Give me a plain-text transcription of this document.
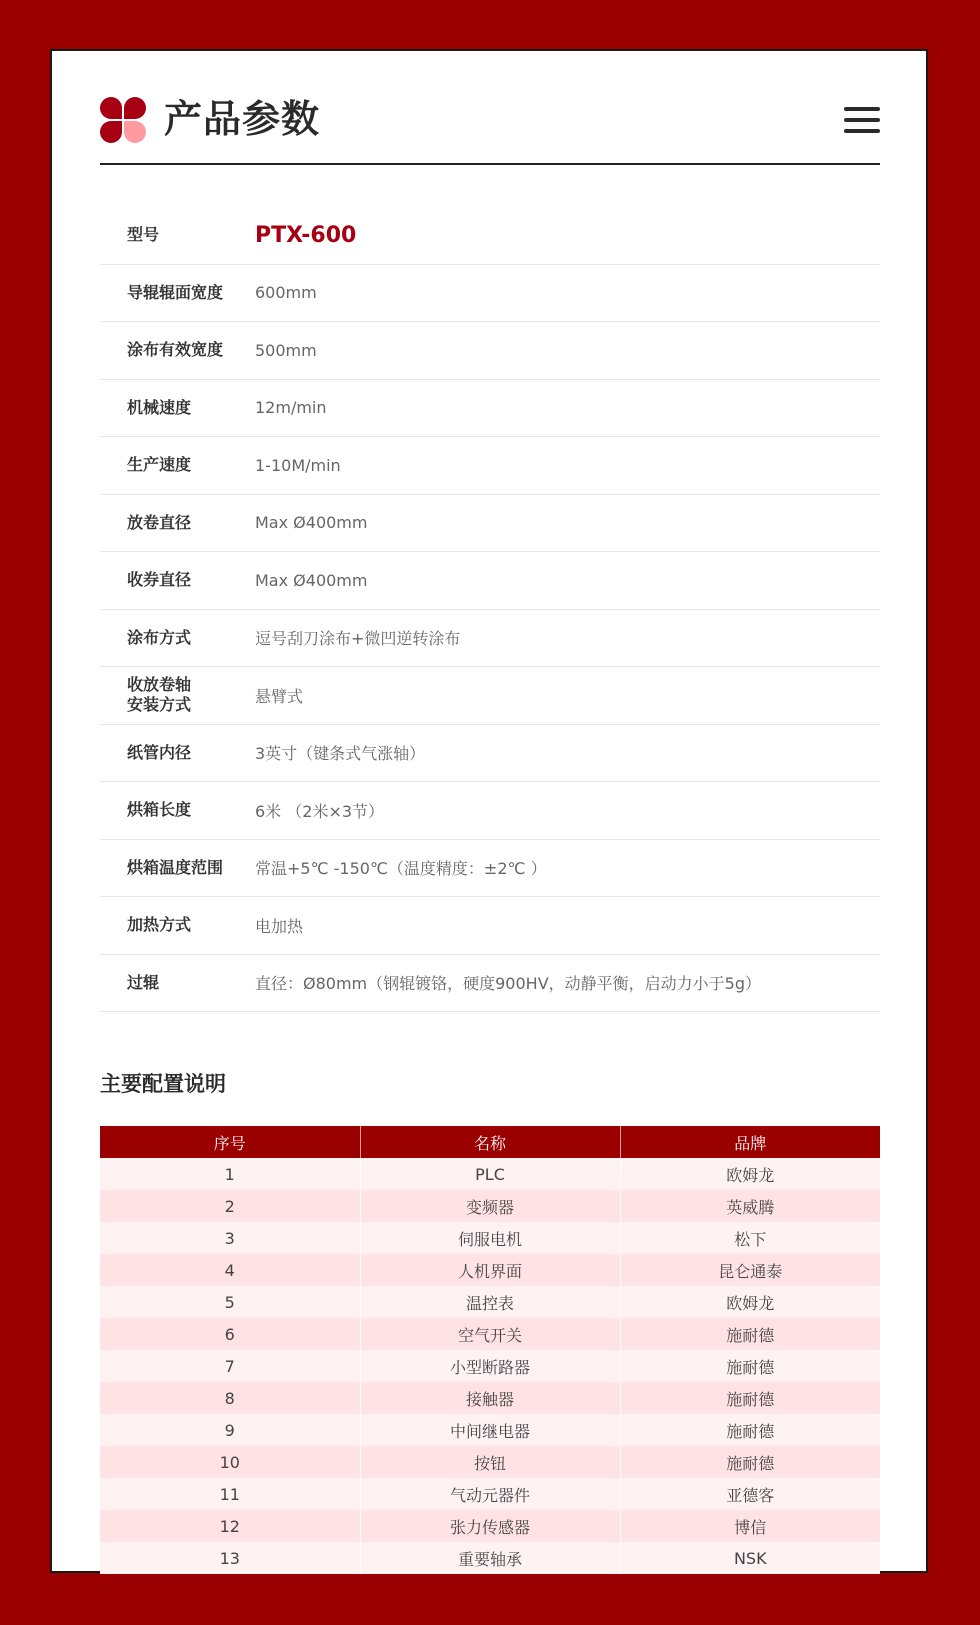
产品参数
型号	PTX-600
导辊辊面宽度	600mm
涂布有效宽度	500mm
机械速度	12m/min
生产速度	1-10M/min
放卷直径	Max Ø400mm
收券直径	Max Ø400mm
涂布方式	逗号刮刀涂布+微凹逆转涂布
收放卷轴
安装方式	悬臂式
纸管内径	3英寸（键条式气涨轴）
烘箱长度	6米 （2米×3节）
烘箱温度范围	常温+5℃ -150℃（温度精度：±2℃ ）
加热方式	电加热
过辊	直径：Ø80mm（钢辊镀铬，硬度900HV，动静平衡，启动力小于5g）
主要配置说明
序号	名称	品牌
1	PLC	欧姆龙
2	变频器	英威腾
3	伺服电机	松下
4	人机界面	昆仑通泰
5	温控表	欧姆龙
6	空气开关	施耐德
7	小型断路器	施耐德
8	接触器	施耐德
9	中间继电器	施耐德
10	按钮	施耐德
11	气动元器件	亚德客
12	张力传感器	博信
13	重要轴承	NSK
